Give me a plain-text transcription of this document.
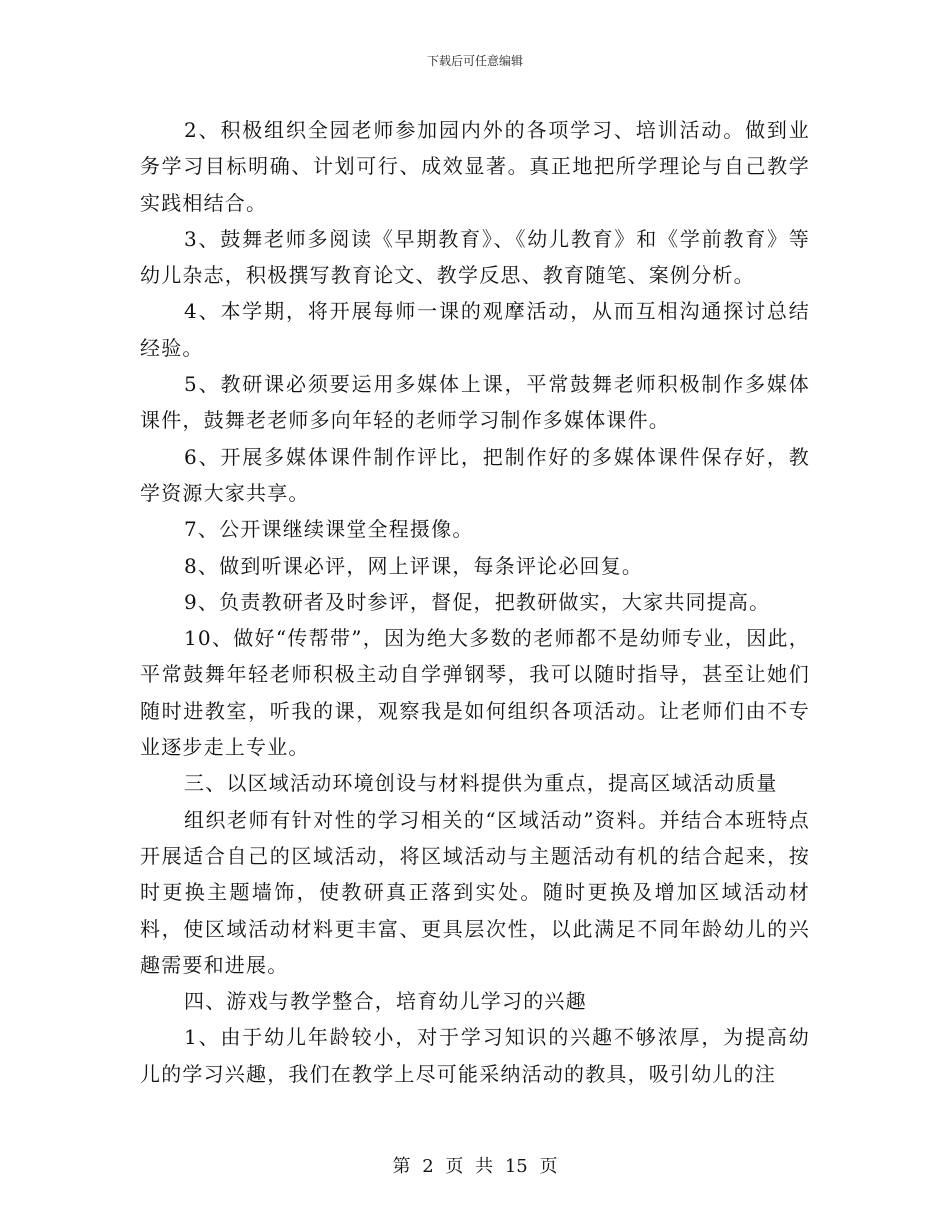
下载后可任意编辑

2、积极组织全园老师参加园内外的各项学习、培训活动。做到业务学习目标明确、计划可行、成效显著。真正地把所学理论与自己教学实践相结合。

3、鼓舞老师多阅读《早期教育》、《幼儿教育》和《学前教育》等幼儿杂志，积极撰写教育论文、教学反思、教育随笔、案例分析。

4、本学期，将开展每师一课的观摩活动，从而互相沟通探讨总结经验。

5、教研课必须要运用多媒体上课，平常鼓舞老师积极制作多媒体课件，鼓舞老老师多向年轻的老师学习制作多媒体课件。

6、开展多媒体课件制作评比，把制作好的多媒体课件保存好，教学资源大家共享。

7、公开课继续课堂全程摄像。

8、做到听课必评，网上评课，每条评论必回复。

9、负责教研者及时参评，督促，把教研做实，大家共同提高。

10、做好“传帮带”，因为绝大多数的老师都不是幼师专业，因此，平常鼓舞年轻老师积极主动自学弹钢琴，我可以随时指导，甚至让她们随时进教室，听我的课，观察我是如何组织各项活动。让老师们由不专业逐步走上专业。

三、以区域活动环境创设与材料提供为重点，提高区域活动质量

组织老师有针对性的学习相关的“区域活动”资料。并结合本班特点开展适合自己的区域活动，将区域活动与主题活动有机的结合起来，按时更换主题墙饰，使教研真正落到实处。随时更换及增加区域活动材料，使区域活动材料更丰富、更具层次性，以此满足不同年龄幼儿的兴趣需要和进展。

四、游戏与教学整合，培育幼儿学习的兴趣

1、由于幼儿年龄较小，对于学习知识的兴趣不够浓厚，为提高幼儿的学习兴趣，我们在教学上尽可能采纳活动的教具，吸引幼儿的注

第 2 页 共 15 页
